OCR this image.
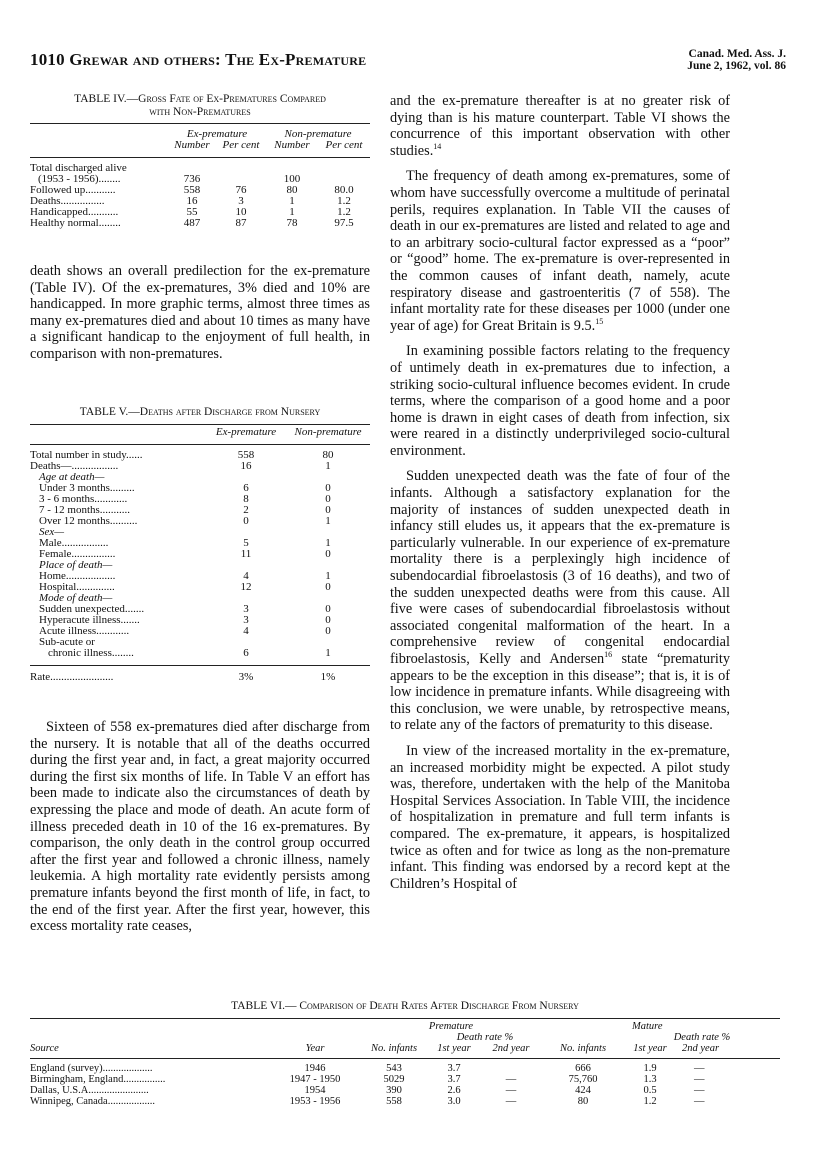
1010 Grewar and others: The Ex-Premature	Canad. Med. Ass. J.
June 2, 1962, vol. 86
TABLE IV.—Gross Fate of Ex-Prematures Compared
with Non-Prematures
	Ex-premature		Non-premature	
	Number	Per cent	Number	Per cent

Total discharged alive				
(1953 - 1956)........	736		100	
Followed up...........	558	76	80	80.0
Deaths................	16	3	1	1.2
Handicapped...........	55	10	1	1.2
Healthy normal........	487	87	78	97.5

death shows an overall predilection for the ex-premature (Table IV). Of the ex-prematures, 3% died and 10% are handicapped. In more graphic terms, almost three times as many ex-prematures died and about 10 times as many have a significant handicap to the enjoyment of full health, in comparison with non-prematures.

TABLE V.—Deaths after Discharge from Nursery
	Ex-premature	Non-premature

Total number in study......	558	80
Deaths—.................	16	1
Age at death—		
Under 3 months.........	6	0
3 - 6 months............	8	0
7 - 12 months...........	2	0
Over 12 months..........	0	1
Sex—		
Male.................	5	1
Female................	11	0
Place of death—		
Home..................	4	1
Hospital..............	12	0
Mode of death—		
Sudden unexpected.......	3	0
Hyperacute illness.......	3	0
Acute illness............	4	0
Sub-acute or		
chronic illness........	6	1

Rate.......................	3%	1%

Sixteen of 558 ex-prematures died after discharge from the nursery. It is notable that all of the deaths occurred during the first year and, in fact, a great majority occurred during the first six months of life. In Table V an effort has been made to indicate also the circumstances of death by expressing the place and mode of death. An acute form of illness preceded death in 10 of the 16 ex-prematures. By comparison, the only death in the control group occurred after the first year and followed a chronic illness, namely leukemia. A high mortality rate evidently persists among premature infants beyond the first month of life, in fact, to the end of the first year. After the first year, however, this excess mortality rate ceases,

and the ex-premature thereafter is at no greater risk of dying than is his mature counterpart. Table VI shows the concurrence of this important observation with other studies.$^{14}$

The frequency of death among ex-prematures, some of whom have successfully overcome a multitude of perinatal perils, requires explanation. In Table VII the causes of death in our ex-prematures are listed and related to age and to an arbitrary socio-cultural factor expressed as a “poor” or “good” home. The ex-premature is over-represented in the common causes of infant death, namely, acute respiratory disease and gastroenteritis (7 of 558). The infant mortality rate for these diseases per 1000 (under one year of age) for Great Britain is 9.5.15

In examining possible factors relating to the frequency of untimely death in ex-prematures due to infection, a striking socio-cultural influence becomes evident. In crude terms, where the comparison of a good home and a poor home is drawn in eight cases of death from infection, six were reared in a distinctly underprivileged socio-cultural environment.

Sudden unexpected death was the fate of four of the infants. Although a satisfactory explanation for the majority of instances of sudden unexpected death in infancy still eludes us, it appears that the ex-premature is particularly vulnerable. In our experience of ex-premature mortality there is a perplexingly high incidence of subendocardial fibroelastosis (3 of 16 deaths), and two of the sudden unexpected deaths were from this cause. All five were cases of subendocardial fibroelastosis without associated congenital malformation of the heart. In a comprehensive review of congenital endocardial fibroelastosis, Kelly and Andersen$^{16}$ state “prematurity appears to be the exception in this disease”; that is, it is of low incidence in premature infants. While disagreeing with this conclusion, we were unable, by retrospective means, to relate any of the factors of prematurity to this disease.

In view of the increased mortality in the ex-premature, an increased morbidity might be expected. A pilot study was, therefore, undertaken with the help of the Manitoba Hospital Services Association. In Table VIII, the incidence of hospitalization in premature and full term infants is compared. The ex-premature, it appears, is hospitalized twice as often and for twice as long as the non-premature infant. This finding was endorsed by a record kept at the Children’s Hospital of

TABLE VI.— Comparison of Death Rates After Discharge From Nursery
		Premature				Mature	
			Death rate %			Death rate %	
Source	Year	No. infants	1st year	2nd year	No. infants	1st year	2nd year

England (survey)...................	1946	543	3.7		666	1.9	—
Birmingham, England................	1947 - 1950	5029	3.7	—	75,760	1.3	—
Dallas, U.S.A.......................	1954	390	2.6	—	424	0.5	—
Winnipeg, Canada..................	1953 - 1956	558	3.0	—	80	1.2	—
